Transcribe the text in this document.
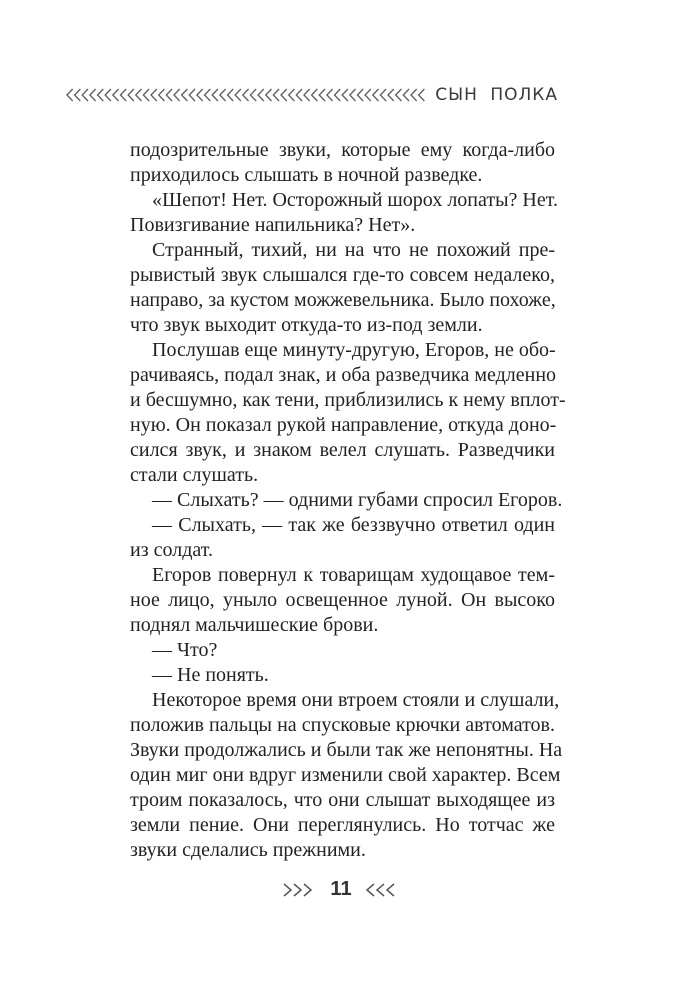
СЫН ПОЛКА
подозрительные звуки, которые ему когда-либо
приходилось слышать в ночной разведке.
«Шепот! Нет. Осторожный шорох лопаты? Нет.
Повизгивание напильника? Нет».
Странный, тихий, ни на что не похожий пре-
рывистый звук слышался где-то совсем недалеко,
направо, за кустом можжевельника. Было похоже,
что звук выходит откуда-то из-под земли.
Послушав еще минуту-другую, Егоров, не обо-
рачиваясь, подал знак, и оба разведчика медленно
и бесшумно, как тени, приблизились к нему вплот-
ную. Он показал рукой направление, откуда доно-
сился звук, и знаком велел слушать. Разведчики
стали слушать.
— Слыхать? — одними губами спросил Егоров.
— Слыхать, — так же беззвучно ответил один
из солдат.
Егоров повернул к товарищам худощавое тем-
ное лицо, уныло освещенное луной. Он высоко
поднял мальчишеские брови.
— Что?
— Не понять.
Некоторое время они втроем стояли и слушали,
положив пальцы на спусковые крючки автоматов.
Звуки продолжались и были так же непонятны. На
один миг они вдруг изменили свой характер. Всем
троим показалось, что они слышат выходящее из
земли пение. Они переглянулись. Но тотчас же
звуки сделались прежними.
11
